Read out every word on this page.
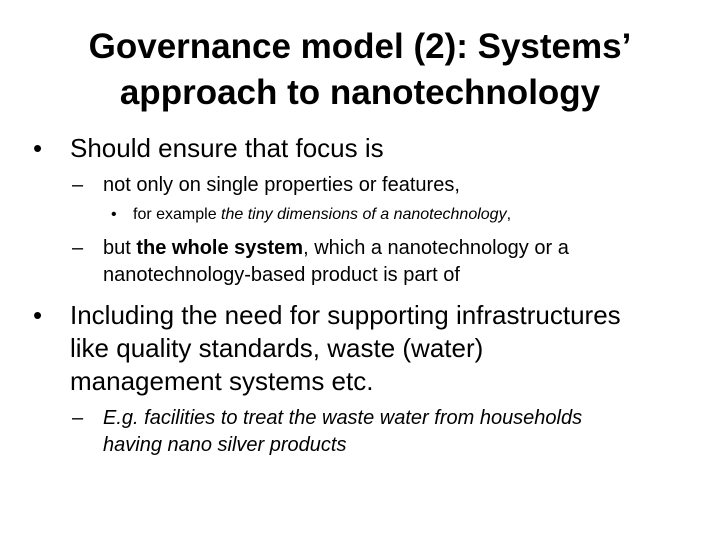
Governance model (2): Systems’
approach to nanotechnology
• Should ensure that focus is
– not only on single properties or features,
• for example the tiny dimensions of a nanotechnology,
– but the whole system, which a nanotechnology or a
nanotechnology-based product is part of
• Including the need for supporting infrastructures
like quality standards, waste (water)
management systems etc.
– E.g. facilities to treat the waste water from households
having nano silver products
